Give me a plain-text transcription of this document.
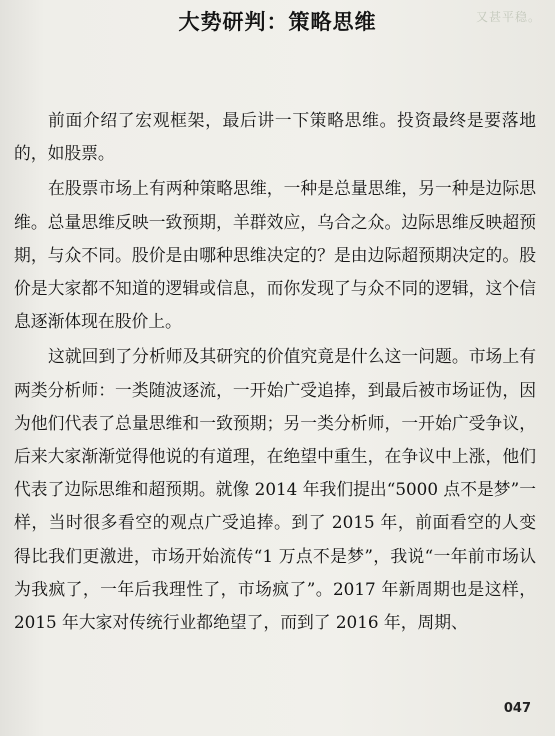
又甚平稳。
大势研判：策略思维

前面介绍了宏观框架，最后讲一下策略思维。投资最终是要落地的，如股票。

在股票市场上有两种策略思维，一种是总量思维，另一种是边际思维。总量思维反映一致预期，羊群效应，乌合之众。边际思维反映超预期，与众不同。股价是由哪种思维决定的？是由边际超预期决定的。股价是大家都不知道的逻辑或信息，而你发现了与众不同的逻辑，这个信息逐渐体现在股价上。

这就回到了分析师及其研究的价值究竟是什么这一问题。市场上有两类分析师：一类随波逐流，一开始广受追捧，到最后被市场证伪，因为他们代表了总量思维和一致预期；另一类分析师，一开始广受争议，后来大家渐渐觉得他说的有道理，在绝望中重生，在争议中上涨，他们代表了边际思维和超预期。就像 2014 年我们提出“5000 点不是梦”一样，当时很多看空的观点广受追捧。到了 2015 年，前面看空的人变得比我们更激进，市场开始流传“1 万点不是梦”，我说“一年前市场认为我疯了，一年后我理性了，市场疯了”。2017 年新周期也是这样，2015 年大家对传统行业都绝望了，而到了 2016 年，周期、

047
